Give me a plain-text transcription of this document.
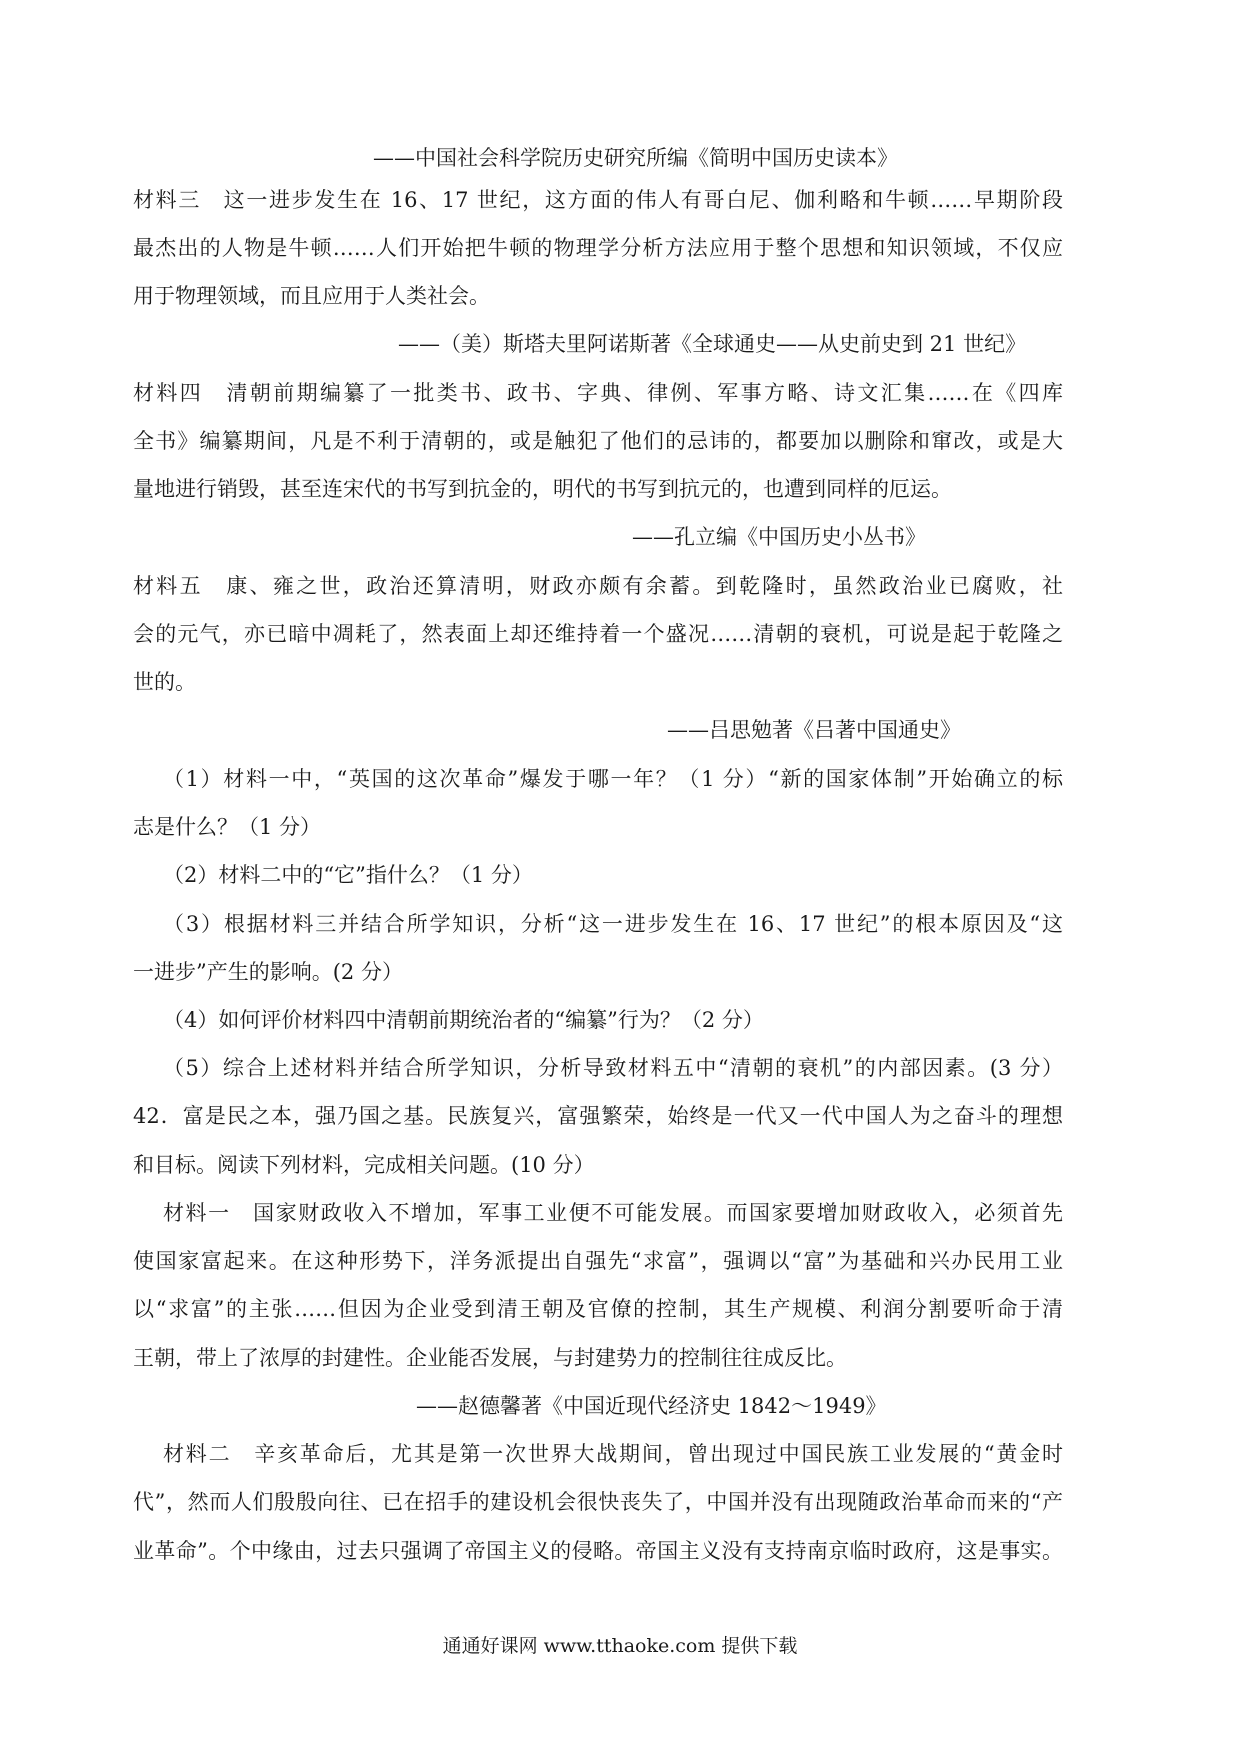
——中国社会科学院历史研究所编《简明中国历史读本》
材料三　这一进步发生在 16、17 世纪，这方面的伟人有哥白尼、伽利略和牛顿……早期阶段
最杰出的人物是牛顿……人们开始把牛顿的物理学分析方法应用于整个思想和知识领域，不仅应
用于物理领域，而且应用于人类社会。
——（美）斯塔夫里阿诺斯著《全球通史——从史前史到 21 世纪》
材料四　清朝前期编纂了一批类书、政书、字典、律例、军事方略、诗文汇集……在《四库
全书》编纂期间，凡是不利于清朝的，或是触犯了他们的忌讳的，都要加以删除和窜改，或是大
量地进行销毁，甚至连宋代的书写到抗金的，明代的书写到抗元的，也遭到同样的厄运。
——孔立编《中国历史小丛书》
材料五　康、雍之世，政治还算清明，财政亦颇有余蓄。到乾隆时，虽然政治业已腐败，社
会的元气，亦已暗中凋耗了，然表面上却还维持着一个盛况……清朝的衰机，可说是起于乾隆之
世的。
——吕思勉著《吕著中国通史》
（1）材料一中，“英国的这次革命”爆发于哪一年？（1 分）“新的国家体制”开始确立的标
志是什么？（1 分）
（2）材料二中的“它”指什么？（1 分）
（3）根据材料三并结合所学知识，分析“这一进步发生在 16、17 世纪”的根本原因及“这
一进步”产生的影响。(2 分）
（4）如何评价材料四中清朝前期统治者的“编纂”行为？（2 分）
（5）综合上述材料并结合所学知识，分析导致材料五中“清朝的衰机”的内部因素。(3 分）
42．富是民之本，强乃国之基。民族复兴，富强繁荣，始终是一代又一代中国人为之奋斗的理想
和目标。阅读下列材料，完成相关问题。(10 分）
材料一　国家财政收入不增加，军事工业便不可能发展。而国家要增加财政收入，必须首先
使国家富起来。在这种形势下，洋务派提出自强先“求富”，强调以“富”为基础和兴办民用工业
以“求富”的主张……但因为企业受到清王朝及官僚的控制，其生产规模、利润分割要听命于清
王朝，带上了浓厚的封建性。企业能否发展，与封建势力的控制往往成反比。
——赵德馨著《中国近现代经济史 1842～1949》
材料二　辛亥革命后，尤其是第一次世界大战期间，曾出现过中国民族工业发展的“黄金时
代”，然而人们殷殷向往、已在招手的建设机会很快丧失了，中国并没有出现随政治革命而来的“产
业革命”。个中缘由，过去只强调了帝国主义的侵略。帝国主义没有支持南京临时政府，这是事实。
通通好课网 www.tthaoke.com 提供下载
